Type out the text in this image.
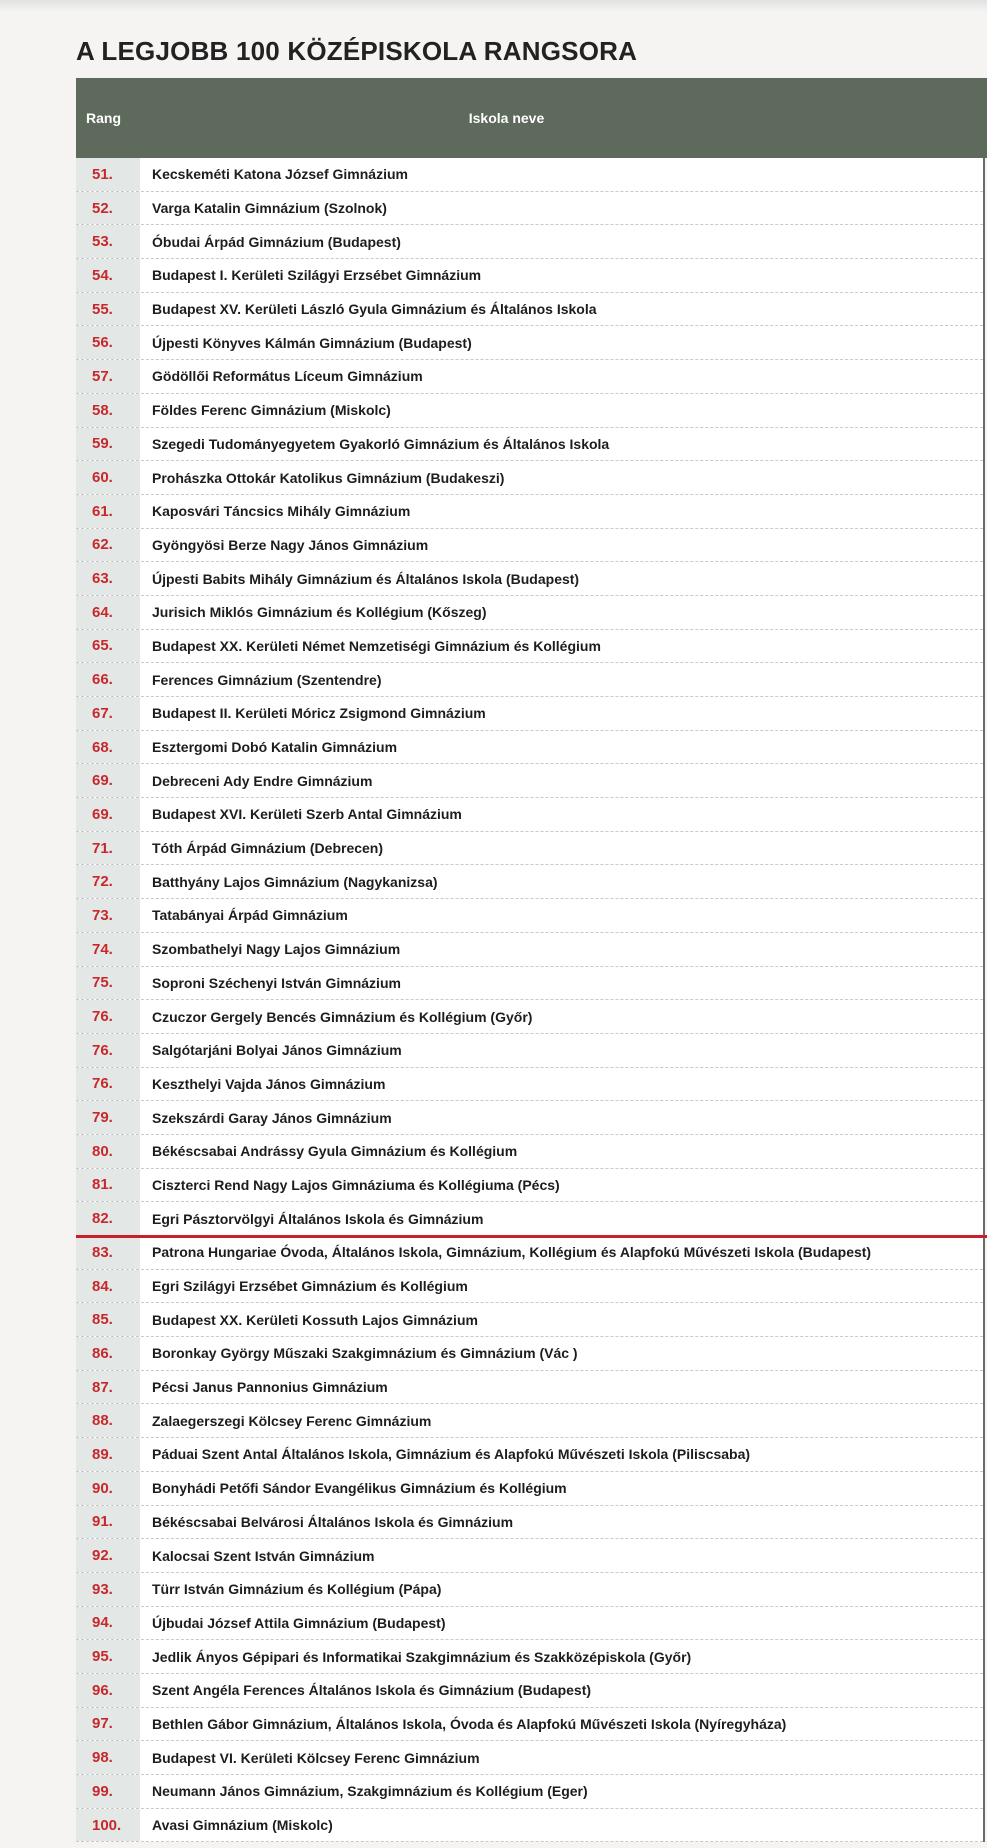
A LEGJOBB 100 KÖZÉPISKOLA RANGSORA
Rang	Iskola neve
51.	Kecskeméti Katona József Gimnázium
52.	Varga Katalin Gimnázium (Szolnok)
53.	Óbudai Árpád Gimnázium (Budapest)
54.	Budapest I. Kerületi Szilágyi Erzsébet Gimnázium
55.	Budapest XV. Kerületi László Gyula Gimnázium és Általános Iskola
56.	Újpesti Könyves Kálmán Gimnázium (Budapest)
57.	Gödöllői Református Líceum Gimnázium
58.	Földes Ferenc Gimnázium (Miskolc)
59.	Szegedi Tudományegyetem Gyakorló Gimnázium és Általános Iskola
60.	Prohászka Ottokár Katolikus Gimnázium (Budakeszi)
61.	Kaposvári Táncsics Mihály Gimnázium
62.	Gyöngyösi Berze Nagy János Gimnázium
63.	Újpesti Babits Mihály Gimnázium és Általános Iskola (Budapest)
64.	Jurisich Miklós Gimnázium és Kollégium (Kőszeg)
65.	Budapest XX. Kerületi Német Nemzetiségi Gimnázium és Kollégium
66.	Ferences Gimnázium (Szentendre)
67.	Budapest II. Kerületi Móricz Zsigmond Gimnázium
68.	Esztergomi Dobó Katalin Gimnázium
69.	Debreceni Ady Endre Gimnázium
69.	Budapest XVI. Kerületi Szerb Antal Gimnázium
71.	Tóth Árpád Gimnázium (Debrecen)
72.	Batthyány Lajos Gimnázium (Nagykanizsa)
73.	Tatabányai Árpád Gimnázium
74.	Szombathelyi Nagy Lajos Gimnázium
75.	Soproni Széchenyi István Gimnázium
76.	Czuczor Gergely Bencés Gimnázium és Kollégium (Győr)
76.	Salgótarjáni Bolyai János Gimnázium
76.	Keszthelyi Vajda János Gimnázium
79.	Szekszárdi Garay János Gimnázium
80.	Békéscsabai Andrássy Gyula Gimnázium és Kollégium
81.	Ciszterci Rend Nagy Lajos Gimnáziuma és Kollégiuma (Pécs)
82.	Egri Pásztorvölgyi Általános Iskola és Gimnázium
83.	Patrona Hungariae Óvoda, Általános Iskola, Gimnázium, Kollégium és Alapfokú Művészeti Iskola (Budapest)
84.	Egri Szilágyi Erzsébet Gimnázium és Kollégium
85.	Budapest XX. Kerületi Kossuth Lajos Gimnázium
86.	Boronkay György Műszaki Szakgimnázium és Gimnázium (Vác )
87.	Pécsi Janus Pannonius Gimnázium
88.	Zalaegerszegi Kölcsey Ferenc Gimnázium
89.	Páduai Szent Antal Általános Iskola, Gimnázium és Alapfokú Művészeti Iskola (Piliscsaba)
90.	Bonyhádi Petőfi Sándor Evangélikus Gimnázium és Kollégium
91.	Békéscsabai Belvárosi Általános Iskola és Gimnázium
92.	Kalocsai Szent István Gimnázium
93.	Türr István Gimnázium és Kollégium (Pápa)
94.	Újbudai József Attila Gimnázium (Budapest)
95.	Jedlik Ányos Gépipari és Informatikai Szakgimnázium és Szakközépiskola (Győr)
96.	Szent Angéla Ferences Általános Iskola és Gimnázium (Budapest)
97.	Bethlen Gábor Gimnázium, Általános Iskola, Óvoda és Alapfokú Művészeti Iskola (Nyíregyháza)
98.	Budapest VI. Kerületi Kölcsey Ferenc Gimnázium
99.	Neumann János Gimnázium, Szakgimnázium és Kollégium (Eger)
100.	Avasi Gimnázium (Miskolc)
